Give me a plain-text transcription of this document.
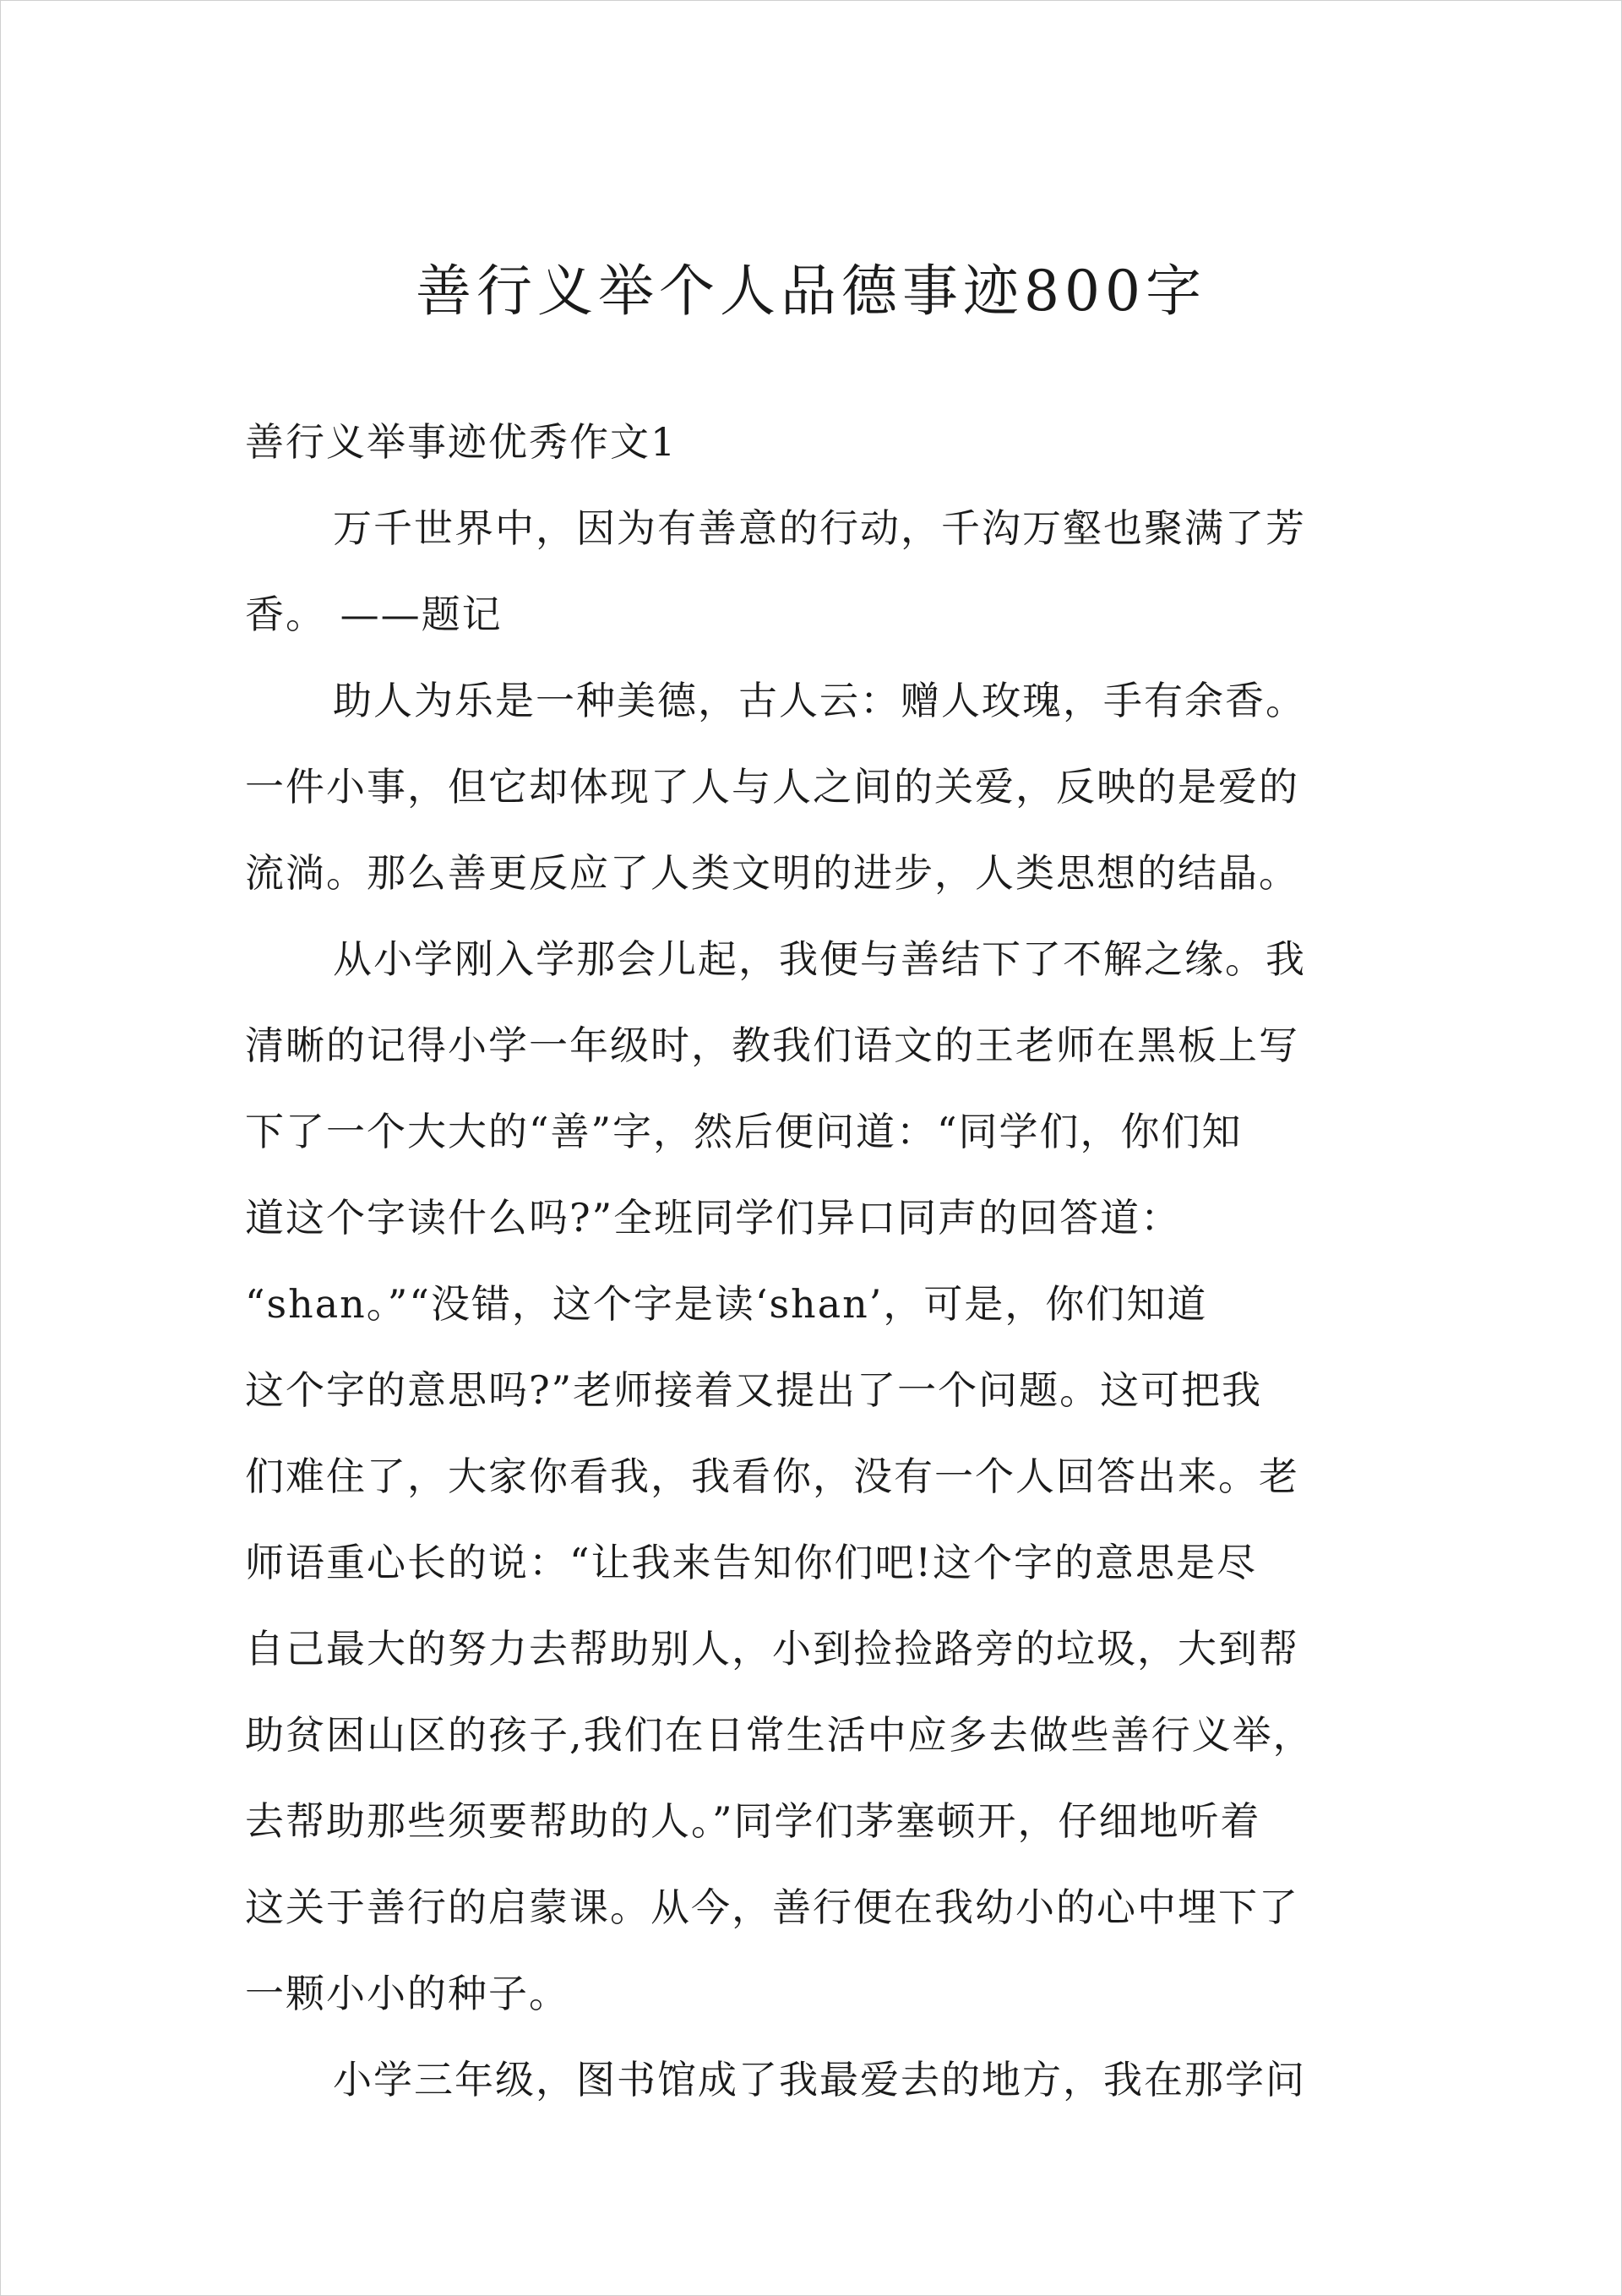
善行义举个人品德事迹800字

善行义举事迹优秀作文1

万千世界中，因为有善意的行动，千沟万壑也聚满了芳
香。 ——题记

助人为乐是一种美德，古人云：赠人玫瑰，手有余香。
一件小事，但它却体现了人与人之间的关爱，反映的是爱的
流淌。那么善更反应了人类文明的进步，人类思想的结晶。

从小学刚入学那会儿起，我便与善结下了不解之缘。我
清晰的记得小学一年级时，教我们语文的王老师在黑板上写
下了一个大大的“善”字，然后便问道：“同学们，你们知
道这个字读什么吗?”全班同学们异口同声的回答道：
“shan。”“没错，这个字是读‘shan’，可是，你们知道
这个字的意思吗?”老师接着又提出了一个问题。这可把我
们难住了，大家你看我，我看你，没有一个人回答出来。老
师语重心长的说：“让我来告知你们吧!这个字的意思是尽
自己最大的努力去帮助别人，小到捡捡路旁的垃圾，大到帮
助贫困山区的孩子,我们在日常生活中应多去做些善行义举，
去帮助那些须要帮助的人。”同学们茅塞顿开，仔细地听着
这关于善行的启蒙课。从今，善行便在我幼小的心中埋下了
一颗小小的种子。

小学三年级，图书馆成了我最爱去的地方，我在那学问
